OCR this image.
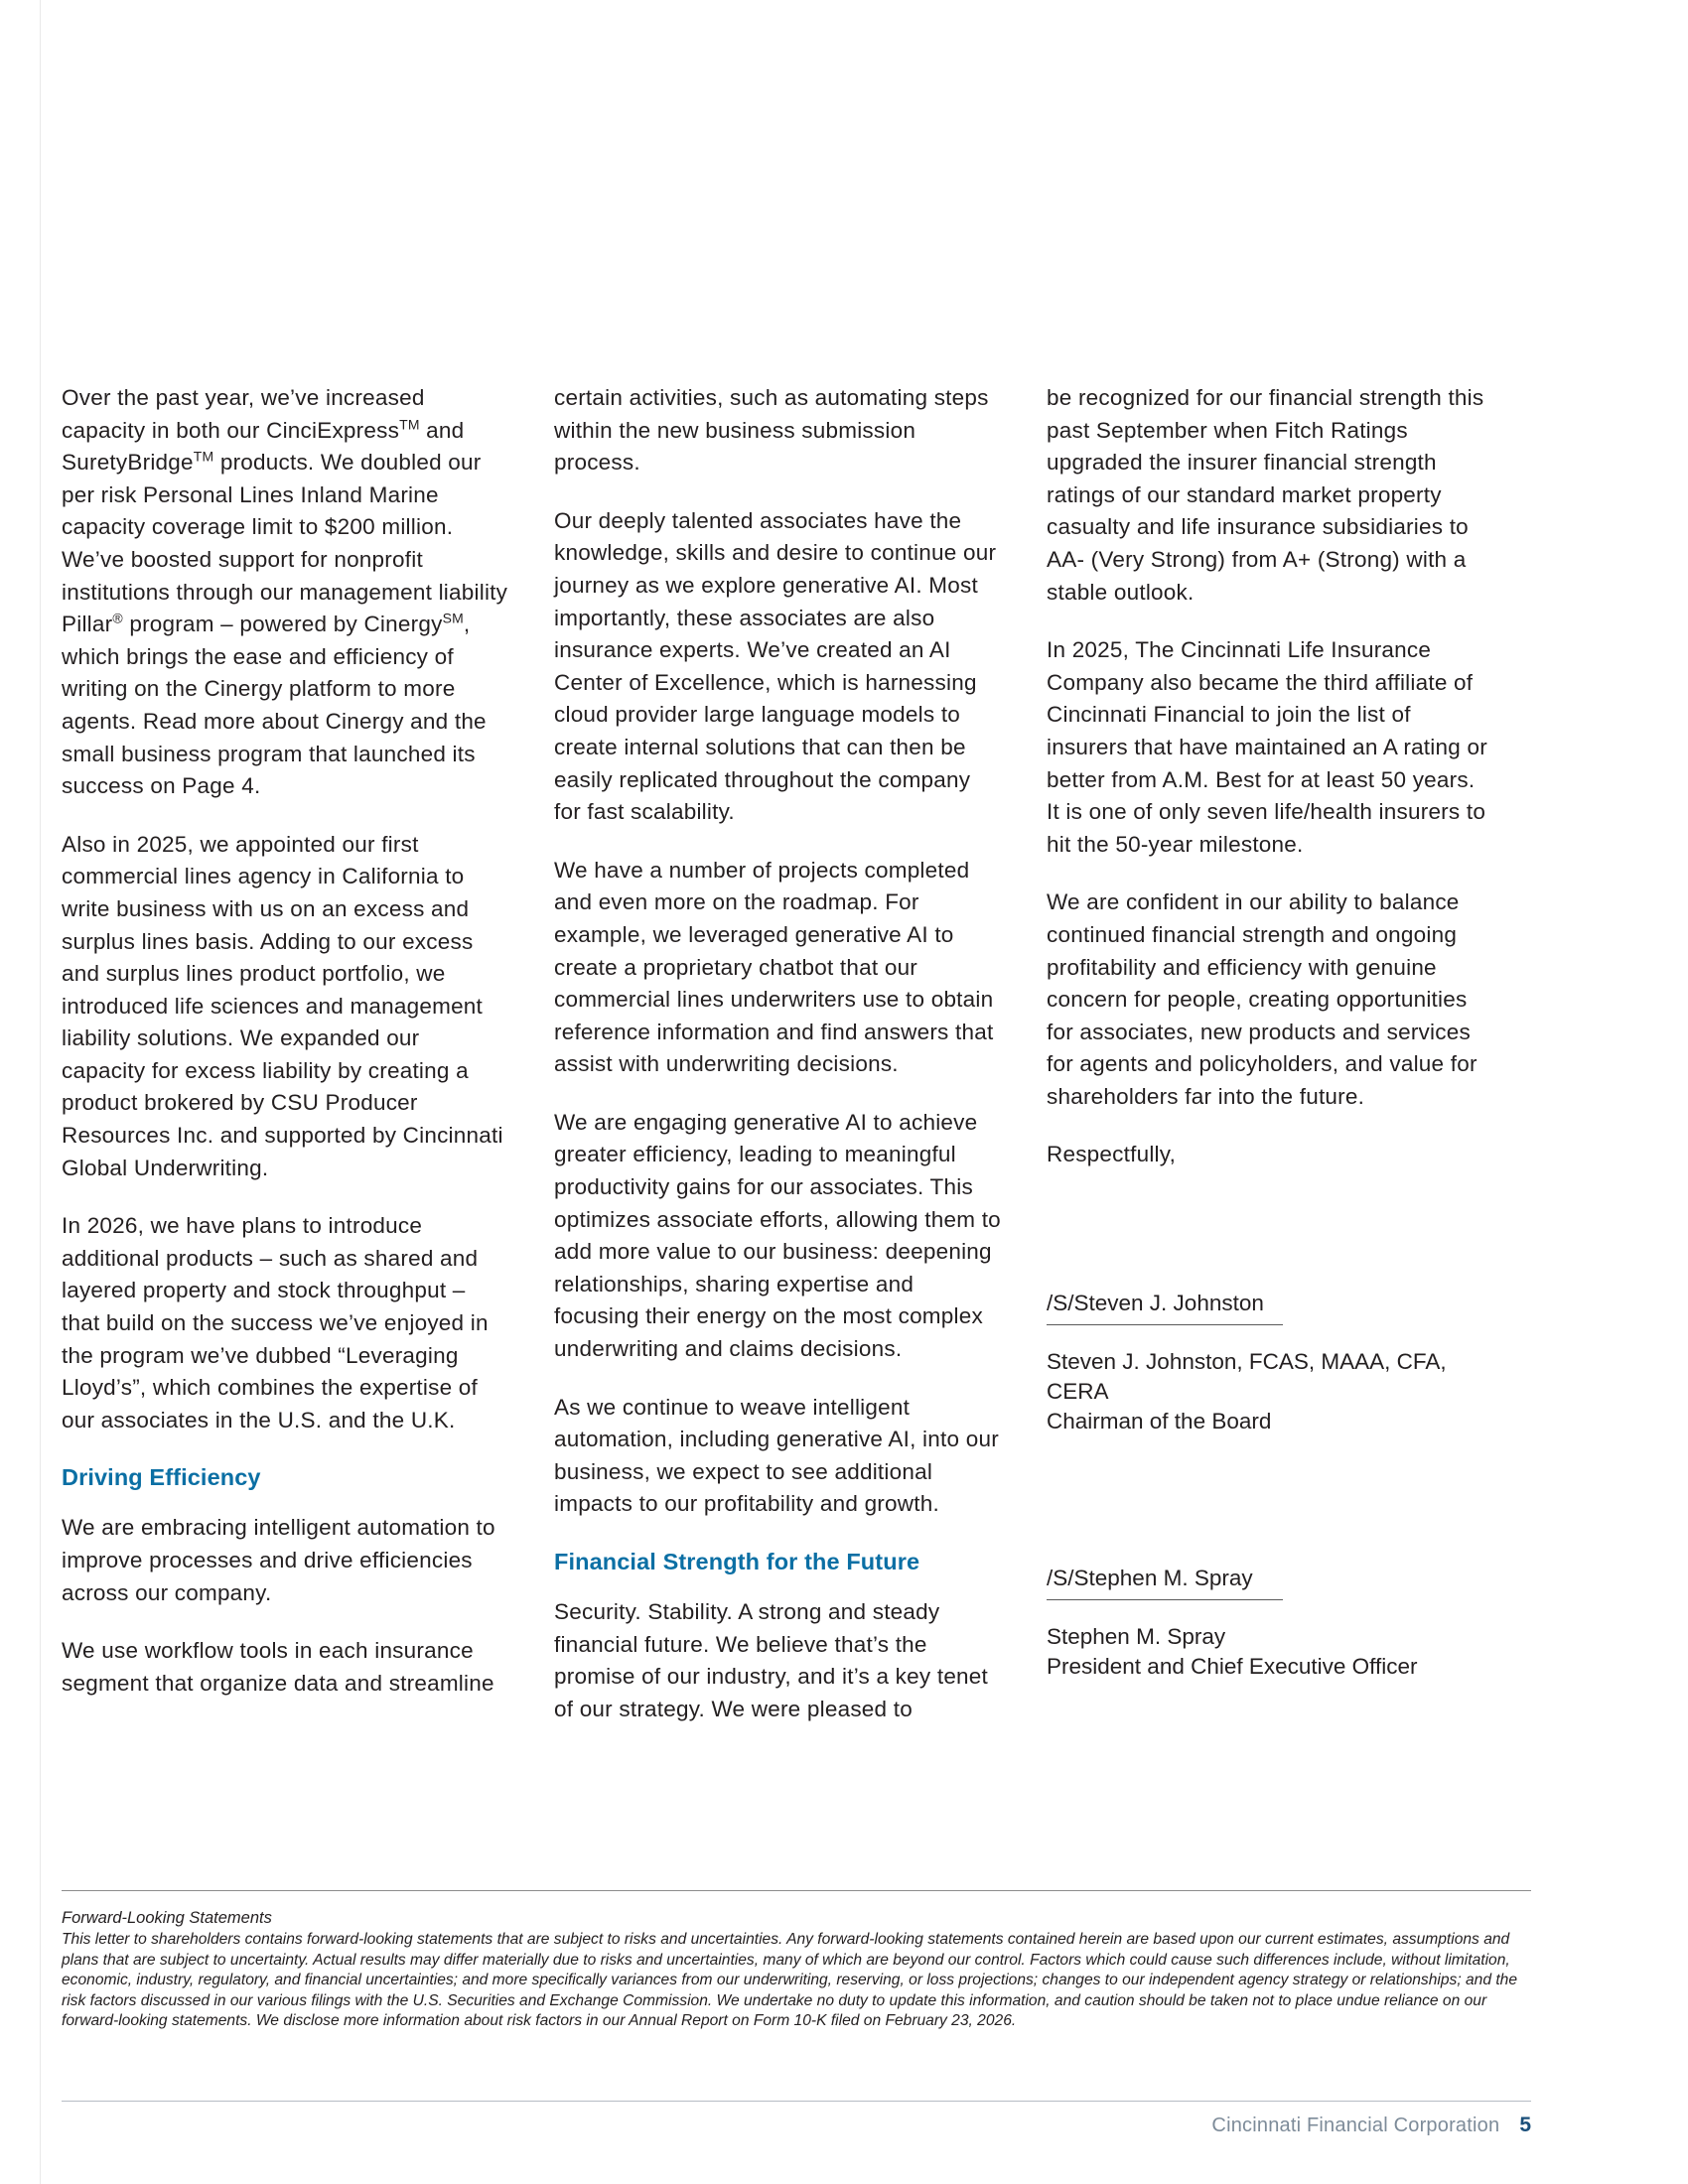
Over the past year, we’ve increased capacity in both our CinciExpress™ and SuretyBridge™ products. We doubled our per risk Personal Lines Inland Marine capacity coverage limit to $200 million. We’ve boosted support for nonprofit institutions through our management liability Pillar® program – powered by Cinergy℠, which brings the ease and efficiency of writing on the Cinergy platform to more agents. Read more about Cinergy and the small business program that launched its success on Page 4.

Also in 2025, we appointed our first commercial lines agency in California to write business with us on an excess and surplus lines basis. Adding to our excess and surplus lines product portfolio, we introduced life sciences and management liability solutions. We expanded our capacity for excess liability by creating a product brokered by CSU Producer Resources Inc. and supported by Cincinnati Global Underwriting.

In 2026, we have plans to introduce additional products – such as shared and layered property and stock throughput – that build on the success we’ve enjoyed in the program we’ve dubbed “Leveraging Lloyd’s”, which combines the expertise of our associates in the U.S. and the U.K.

Driving Efficiency

We are embracing intelligent automation to improve processes and drive efficiencies across our company.

We use workflow tools in each insurance segment that organize data and streamline

certain activities, such as automating steps within the new business submission process.

Our deeply talented associates have the knowledge, skills and desire to continue our journey as we explore generative AI. Most importantly, these associates are also insurance experts. We’ve created an AI Center of Excellence, which is harnessing cloud provider large language models to create internal solutions that can then be easily replicated throughout the company for fast scalability.

We have a number of projects completed and even more on the roadmap. For example, we leveraged generative AI to create a proprietary chatbot that our commercial lines underwriters use to obtain reference information and find answers that assist with underwriting decisions.

We are engaging generative AI to achieve greater efficiency, leading to meaningful productivity gains for our associates. This optimizes associate efforts, allowing them to add more value to our business: deepening relationships, sharing expertise and focusing their energy on the most complex underwriting and claims decisions.

As we continue to weave intelligent automation, including generative AI, into our business, we expect to see additional impacts to our profitability and growth.

Financial Strength for the Future

Security. Stability. A strong and steady financial future. We believe that’s the promise of our industry, and it’s a key tenet of our strategy. We were pleased to

be recognized for our financial strength this past September when Fitch Ratings upgraded the insurer financial strength ratings of our standard market property casualty and life insurance subsidiaries to AA- (Very Strong) from A+ (Strong) with a stable outlook.

In 2025, The Cincinnati Life Insurance Company also became the third affiliate of Cincinnati Financial to join the list of insurers that have maintained an A rating or better from A.M. Best for at least 50 years. It is one of only seven life/health insurers to hit the 50-year milestone.

We are confident in our ability to balance continued financial strength and ongoing profitability and efficiency with genuine concern for people, creating opportunities for associates, new products and services for agents and policyholders, and value for shareholders far into the future.

Respectfully,

/S/Steven J. Johnston
Steven J. Johnston, FCAS, MAAA, CFA, CERA
Chairman of the Board
/S/Stephen M. Spray
Stephen M. Spray
President and Chief Executive Officer
Forward-Looking Statements

This letter to shareholders contains forward-looking statements that are subject to risks and uncertainties. Any forward-looking statements contained herein are based upon our current estimates, assumptions and plans that are subject to uncertainty. Actual results may differ materially due to risks and uncertainties, many of which are beyond our control. Factors which could cause such differences include, without limitation, economic, industry, regulatory, and financial uncertainties; and more specifically variances from our underwriting, reserving, or loss projections; changes to our independent agency strategy or relationships; and the risk factors discussed in our various filings with the U.S. Securities and Exchange Commission. We undertake no duty to update this information, and caution should be taken not to place undue reliance on our forward-looking statements. We disclose more information about risk factors in our Annual Report on Form 10-K filed on February 23, 2026.

Cincinnati Financial Corporation 5
